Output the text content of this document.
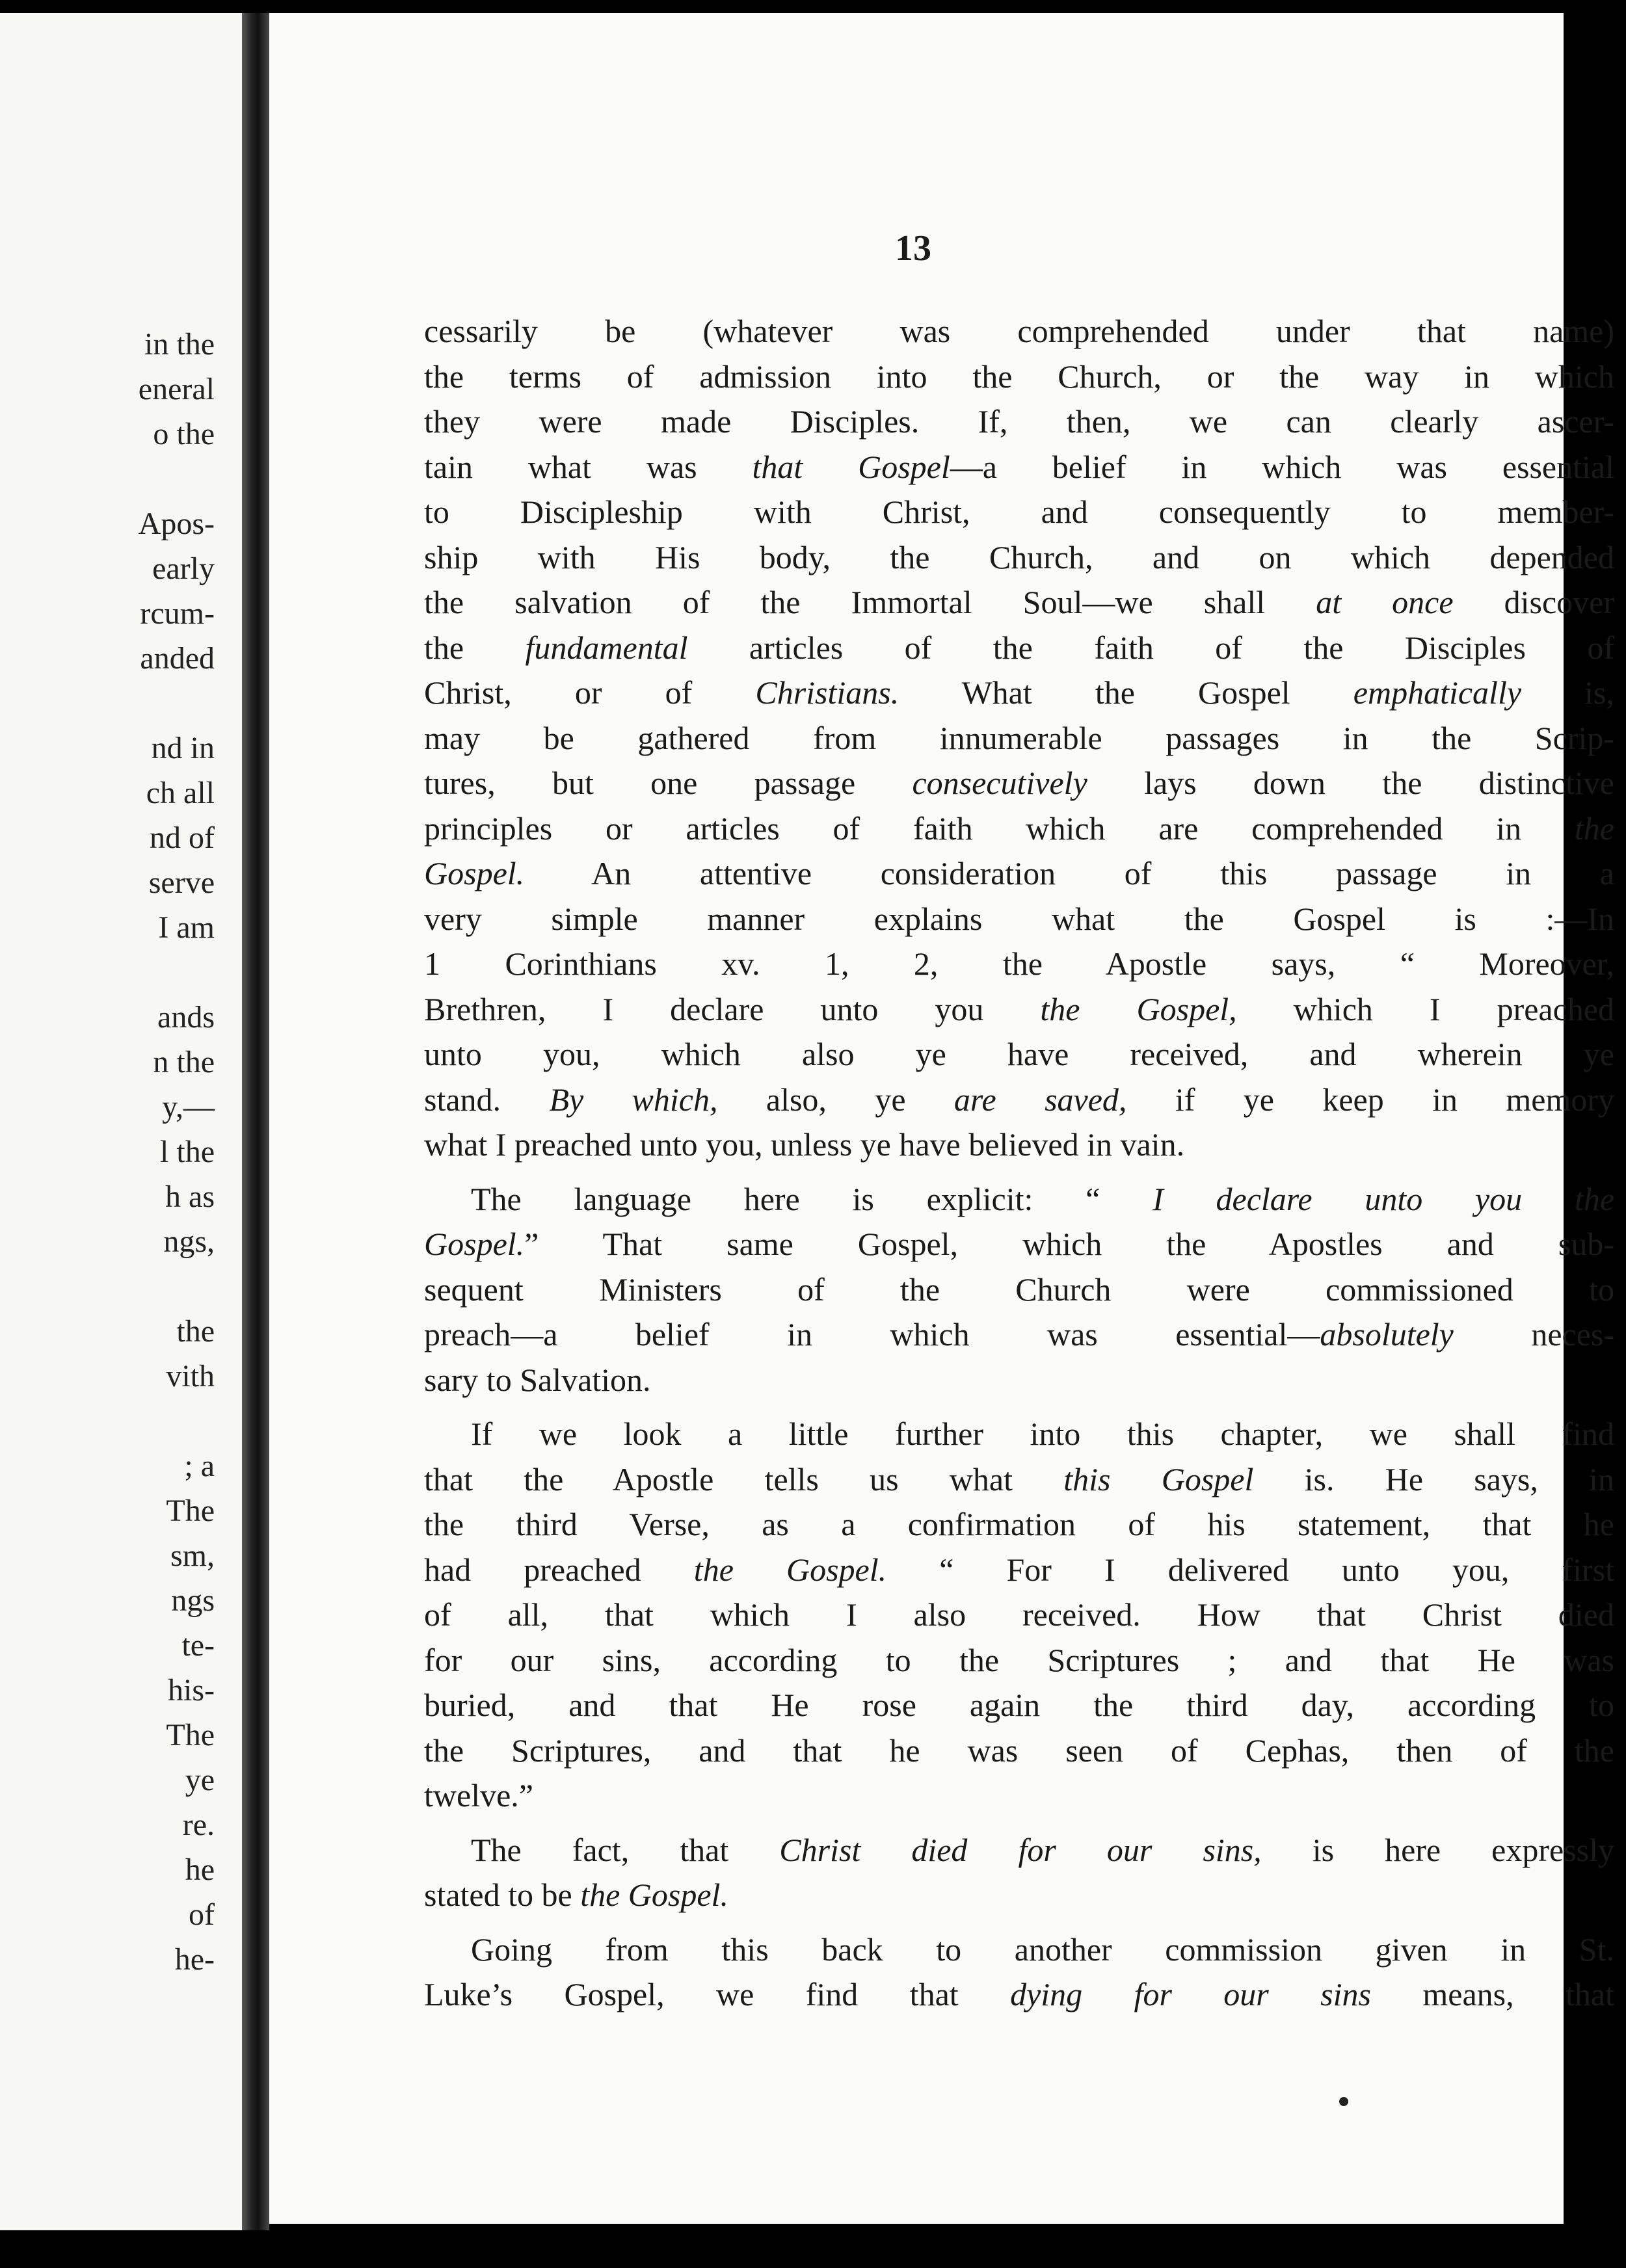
in the
eneral
o the
Apos-
early
rcum-
anded
nd in
ch all
nd of
serve
I am
ands
n the
y,—
l the
h as
ngs,
the
vith
; a
The
sm,
ngs
te-
his-
The
ye
re.
he
of
he-
13

cessarily be (whatever was comprehended under that name)
the terms of admission into the Church, or the way in which
they were made Disciples. If, then, we can clearly ascer-
tain what was that Gospel—a belief in which was essential
to Discipleship with Christ, and consequently to member-
ship with His body, the Church, and on which depended
the salvation of the Immortal Soul—we shall at once discover
the fundamental articles of the faith of the Disciples of
Christ, or of Christians. What the Gospel emphatically is,
may be gathered from innumerable passages in the Scrip-
tures, but one passage consecutively lays down the distinctive
principles or articles of faith which are comprehended in the
Gospel. An attentive consideration of this passage in a
very simple manner explains what the Gospel is :—In
1 Corinthians xv. 1, 2, the Apostle says, “ Moreover,
Brethren, I declare unto you the Gospel, which I preached
unto you, which also ye have received, and wherein ye
stand. By which, also, ye are saved, if ye keep in memory
what I preached unto you, unless ye have believed in vain.

The language here is explicit: “ I declare unto you the
Gospel.” That same Gospel, which the Apostles and sub-
sequent Ministers of the Church were commissioned to
preach—a belief in which was essential—absolutely neces-
sary to Salvation.

If we look a little further into this chapter, we shall find
that the Apostle tells us what this Gospel is. He says, in
the third Verse, as a confirmation of his statement, that he
had preached the Gospel. “ For I delivered unto you, first
of all, that which I also received. How that Christ died
for our sins, according to the Scriptures ; and that He was
buried, and that He rose again the third day, according to
the Scriptures, and that he was seen of Cephas, then of the
twelve.”

The fact, that Christ died for our sins, is here expressly
stated to be the Gospel.

Going from this back to another commission given in St.
Luke’s Gospel, we find that dying for our sins means, that
